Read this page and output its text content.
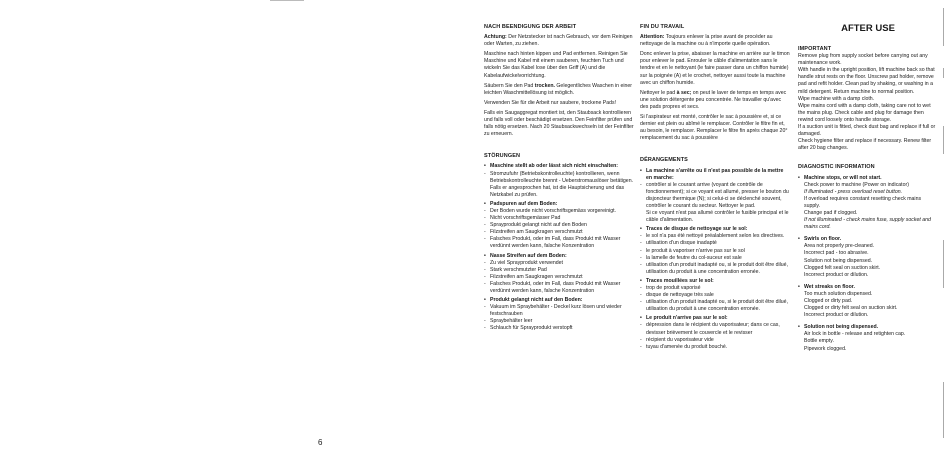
6
NACH BEENDIGUNG DER ARBEIT

Achtung: Der Netzstecker ist nach Gebrauch, vor dem Reinigen oder Warten, zu ziehen.

Maschine nach hinten kippen und Pad entfernen. Reinigen Sie Maschine und Kabel mit einem sauberen, feuchten Tuch und wickeln Sie das Kabel lose über den Griff (A) und die Kabelaufwickelvorrichtung.

Säubern Sie den Pad trocken. Gelegentliches Waschen in einer leichten Waschmittellösung ist möglich.

Verwenden Sie für die Arbeit nur saubere, trockene Pads!

Falls ein Saugaggregat montiert ist, den Staubsack kontrollieren und falls voll oder beschädigt ersetzen. Den Feinfilter prüfen und falls nötig ersetzen. Nach 20 Staubsackwechseln ist der Feinfilter zu erneuern.

STÖRUNGEN
• Maschine stellt ab oder lässt sich nicht einschalten:
- Stromzufuhr (Betriebskontrolleuchte) kontrollieren, wenn Betriebskontrolleuchte brennt - Ueberstromauslöser betätigen. Falls er angesprochen hat, ist die Hauptsicherung und das Netzkabel zu prüfen.
• Padspuren auf dem Boden:
- Der Boden wurde nicht vorschriftsgemäss vorgereinigt.
- Nicht vorschriftsgemässer Pad
- Sprayprodukt gelangt nicht auf den Boden
- Filzstreifen am Saugkragen verschmutzt
- Falsches Produkt, oder im Fall, dass Produkt mit Wasser verdünnt werden kann, falsche Konzentration
• Nasse Streifen auf dem Boden:
- Zu viel Sprayprodukt verwendet
- Stark verschmutzter Pad
- Filzstreifen am Saugkragen verschmutzt
- Falsches Produkt, oder im Fall, dass Produkt mit Wasser verdünnt werden kann, falsche Konzentration
• Produkt gelangt nicht auf den Boden:
- Vakuum im Spraybehälter - Deckel kurz lösen und wieder festschrauben
- Spraybehälter leer
- Schlauch für Sprayprodukt verstopft
FIN DU TRAVAIL

Attention: Toujours enlever la prise avant de procéder au nettoyage de la machine ou à n'importe quelle opération.

Donc enlever la prise, abaisser la machine en arrière sur le timon pour enlever le pad. Enrouler le câble d'alimentation sans le tendre et en le nettoyant (le faire passer dans un chiffon humide) sur la poignée (A) et le crochet, nettoyer aussi toute la machine avec un chiffon humide.

Nettoyer le pad à sec; on peut le laver de temps en temps avec une solution détergente peu concentrée. Ne travailler qu'avec des pads propres et secs.

Si l'aspirateur est monté, contrôler le sac à poussière et, si ce dernier est plein ou abîmé le remplacer. Contrôler le filtre fin et, au besoin, le remplacer. Remplacer le filtre fin après chaque 20° remplacement du sac à poussière

DÉRANGEMENTS
• La machine s'arrête ou il n'est pas possible de la mettre en marche:
- contrôler si le courant arrive (voyant de contrôle de fonctionnement); si ce voyant est allumé, presser le bouton du disjoncteur thermique (N); si celui-ci se déclenché souvent, contrôler le courant du secteur. Nettoyer le pad.
Si ce voyant n'est pas allumé contrôler le fusible principal et le câble d'alimentation.
• Traces de disque de nettoyage sur le sol:
- le sol n'a pas été nettoyé préalablement selon les directives.
- utilisation d'un disque inadapté
- le produit à vaporiser n'arrive pas sur le sol
- la lamelle de feutre du col-suceur est sale
- utilisation d'un produit inadapté ou, si le produit doit être dilué, utilisation du produit à une concentration erronée.
• Traces mouillées sur le sol:
- trop de produit vaporisé
- disque de nettoyage très sale
- utilisation d'un produit inadapté ou, si le produit doit être dilué, utilisation du produit à une concentration erronée.
• Le produit n'arrive pas sur le sol:
- dépression dans le récipient du vaporisateur; dans ce cas, devisser brièvement le couvercle et le revisser
- récipient du vaporisateur vide
- tuyau d'amenée du produit bouché.
AFTER USE
IMPORTANT
Remove plug from supply socket before carrying out any maintenance work.
With handle in the upright position, lift machine back so that handle strut rests on the floor. Unscrew pad holder, remove pad and refit holder. Clean pad by shaking, or washing in a mild detergent. Return machine to normal position.
Wipe machine with a damp cloth.
Wipe mains cord with a damp cloth, taking care not to wet the mains plug. Check cable and plug for damage then rewind cord loosely onto handle storage.
If a suction unit is fitted, check dust bag and replace if full or damaged.
Check hygiene filter and replace if necessary. Renew filter after 20 bag changes.
DIAGNOSTIC INFORMATION
• Machine stops, or will not start.
Check power to machine (Power on indicator)
If illuminated - press overload reset button.
If overload requires constant resetting check mains supply.
Change pad if clogged.
If not illuminated - check mains fuse, supply socket and mains cord.
• Swirls on floor.
Area not properly pre-cleaned.
Incorrect pad - too abrasive.
Solution not being dispensed.
Clogged felt seal on suction skirt.
Incorrect product or dilution.
• Wet streaks on floor.
Too much solution dispensed.
Clogged or dirty pad.
Clogged or dirty felt seal on suction skirt.
Incorrect product or dilution.
• Solution not being dispensed.
Air lock in bottle - release and retighten cap.
Bottle empty.
Pipework clogged.
